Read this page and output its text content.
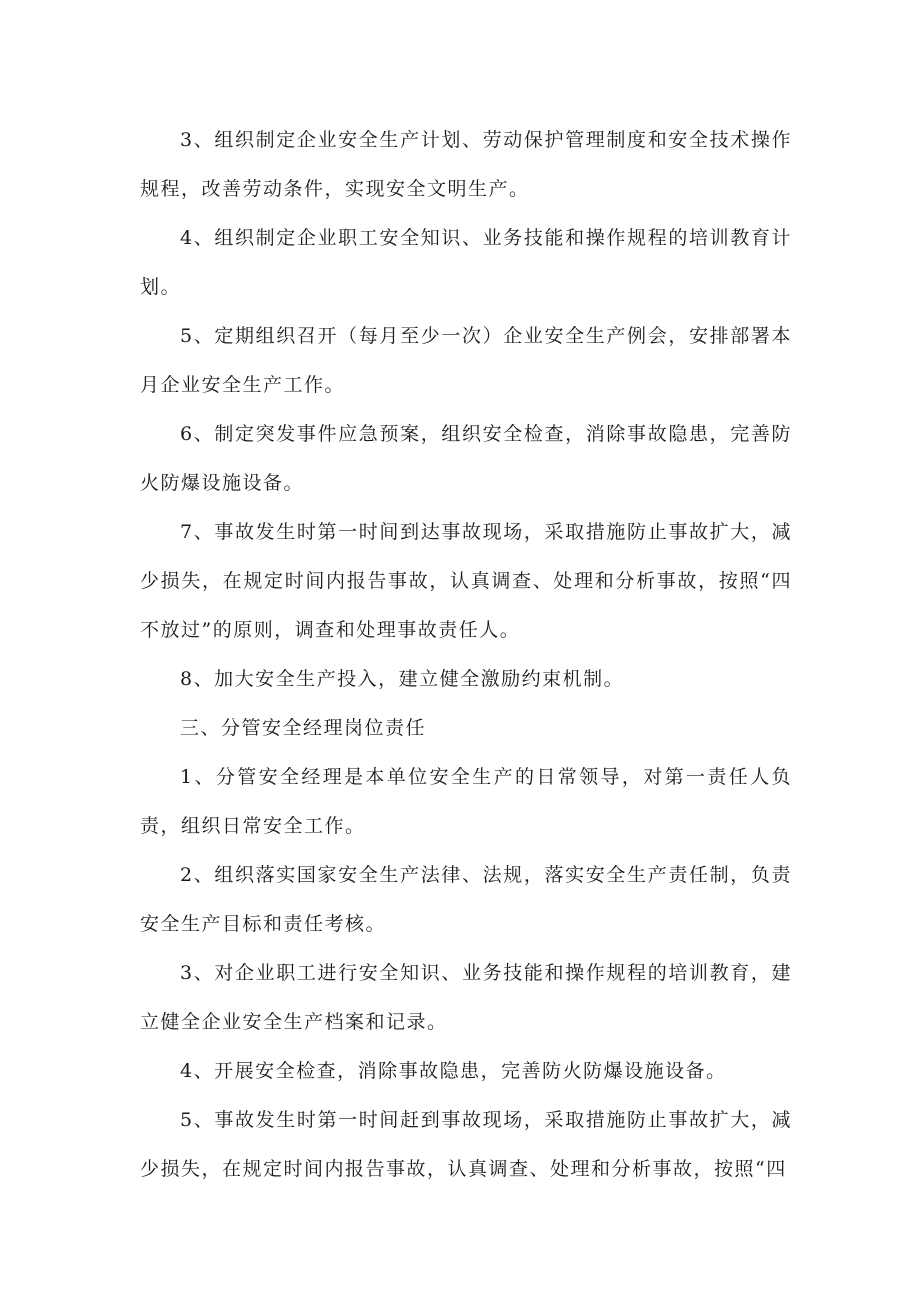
3、组织制定企业安全生产计划、劳动保护管理制度和安全技术操作规程，改善劳动条件，实现安全文明生产。

4、组织制定企业职工安全知识、业务技能和操作规程的培训教育计划。

5、定期组织召开（每月至少一次）企业安全生产例会，安排部署本月企业安全生产工作。

6、制定突发事件应急预案，组织安全检查，消除事故隐患，完善防火防爆设施设备。

7、事故发生时第一时间到达事故现场，采取措施防止事故扩大，减少损失，在规定时间内报告事故，认真调查、处理和分析事故，按照“四不放过”的原则，调查和处理事故责任人。

8、加大安全生产投入，建立健全激励约束机制。

三、分管安全经理岗位责任

1、分管安全经理是本单位安全生产的日常领导，对第一责任人负责，组织日常安全工作。

2、组织落实国家安全生产法律、法规，落实安全生产责任制，负责安全生产目标和责任考核。

3、对企业职工进行安全知识、业务技能和操作规程的培训教育，建立健全企业安全生产档案和记录。

4、开展安全检查，消除事故隐患，完善防火防爆设施设备。

5、事故发生时第一时间赶到事故现场，采取措施防止事故扩大，减少损失，在规定时间内报告事故，认真调查、处理和分析事故，按照“四
